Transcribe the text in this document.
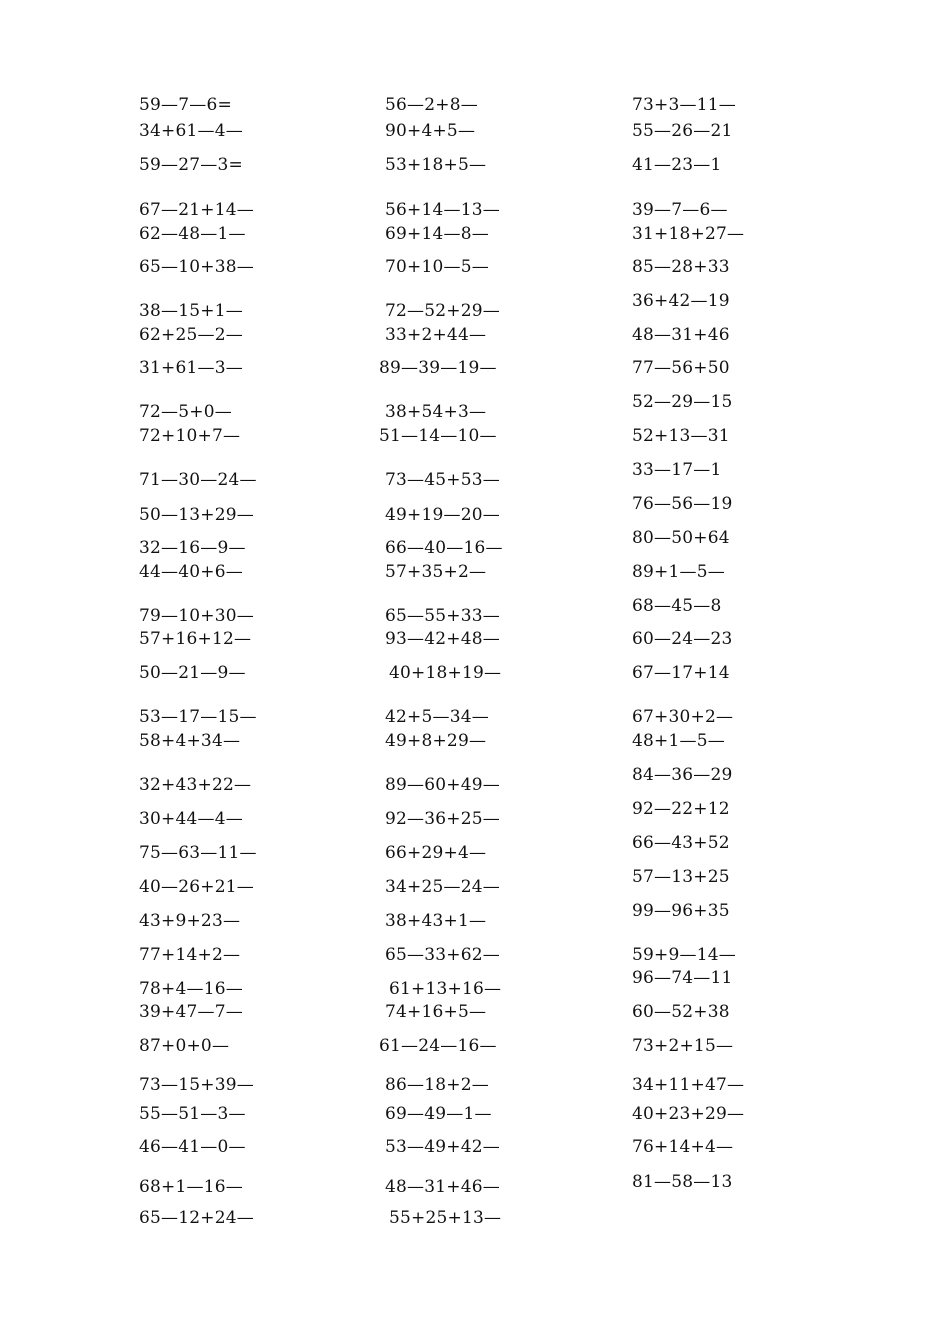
59—7—6=
34+61—4—
59—27—3=
67—21+14—
62—48—1—
65—10+38—
38—15+1—
62+25—2—
31+61—3—
72—5+0—
72+10+7—
71—30—24—
50—13+29—
32—16—9—
44—40+6—
79—10+30—
57+16+12—
50—21—9—
53—17—15—
58+4+34—
32+43+22—
30+44—4—
75—63—11—
40—26+21—
43+9+23—
77+14+2—
78+4—16—
39+47—7—
87+0+0—
73—15+39—
55—51—3—
46—41—0—
68+1—16—
65—12+24—
56—2+8—
90+4+5—
53+18+5—
56+14—13—
69+14—8—
70+10—5—
72—52+29—
33+2+44—
89—39—19—
38+54+3—
51—14—10—
73—45+53—
49+19—20—
66—40—16—
57+35+2—
65—55+33—
93—42+48—
40+18+19—
42+5—34—
49+8+29—
89—60+49—
92—36+25—
66+29+4—
34+25—24—
38+43+1—
65—33+62—
61+13+16—
74+16+5—
61—24—16—
86—18+2—
69—49—1—
53—49+42—
48—31+46—
55+25+13—
73+3—11—
55—26—21
41—23—1
39—7—6—
31+18+27—
85—28+33
36+42—19
48—31+46
77—56+50
52—29—15
52+13—31
33—17—1
76—56—19
80—50+64
89+1—5—
68—45—8
60—24—23
67—17+14
67+30+2—
48+1—5—
84—36—29
92—22+12
66—43+52
57—13+25
99—96+35
59+9—14—
96—74—11
60—52+38
73+2+15—
34+11+47—
40+23+29—
76+14+4—
81—58—13
